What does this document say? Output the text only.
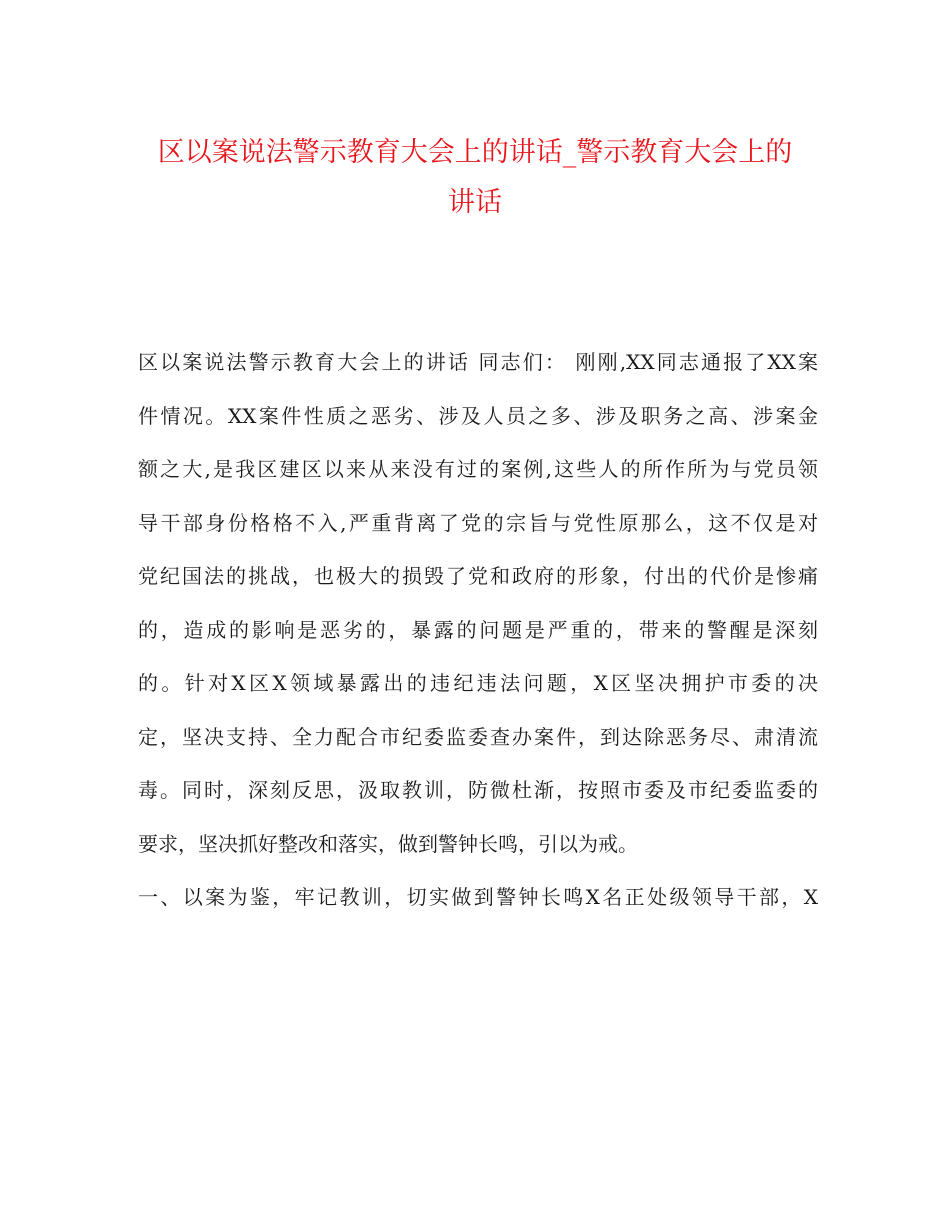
区以案说法警示教育大会上的讲话_警示教育大会上的
讲话
区以案说法警示教育大会上的讲话 同志们： 刚刚,XX同志通报了XX案
件情况。XX案件性质之恶劣、涉及人员之多、涉及职务之高、涉案金
额之大,是我区建区以来从来没有过的案例,这些人的所作所为与党员领
导干部身份格格不入,严重背离了党的宗旨与党性原那么，这不仅是对
党纪国法的挑战，也极大的损毁了党和政府的形象，付出的代价是惨痛
的，造成的影响是恶劣的，暴露的问题是严重的，带来的警醒是深刻
的。针对X区X领域暴露出的违纪违法问题，X区坚决拥护市委的决
定，坚决支持、全力配合市纪委监委查办案件，到达除恶务尽、肃清流
毒。同时，深刻反思，汲取教训，防微杜渐，按照市委及市纪委监委的
要求，坚决抓好整改和落实，做到警钟长鸣，引以为戒。
一、以案为鉴，牢记教训，切实做到警钟长鸣X名正处级领导干部，X
